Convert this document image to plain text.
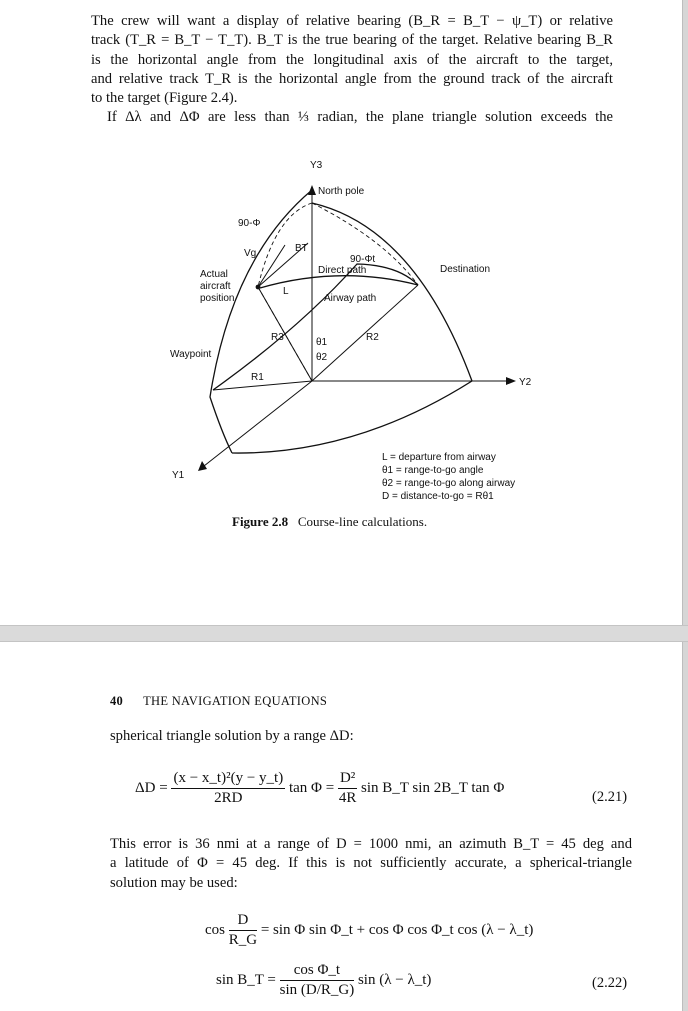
The crew will want a display of relative bearing (B_R = B_T − ψ_T) or relative
track (T_R = B_T − T_T). B_T is the true bearing of the target. Relative bearing B_R
is the horizontal angle from the longitudinal axis of the aircraft to the target,
and relative track T_R is the horizontal angle from the ground track of the aircraft
to the target (Figure 2.4).

If Δλ and ΔΦ are less than ⅓ radian, the plane triangle solution exceeds the

Y3
North pole
90-Φ
Vg	BT
90-Φt
Direct path	Destination
Actual
aircraft
position
L
Airway path
R3	R2
θ1
θ2
Waypoint
R1	Y2
Y1
L = departure from airway
θ1 = range-to-go angle
θ2 = range-to-go along airway
D = distance-to-go = Rθ1
Figure 2.8 Course-line calculations.
40 THE NAVIGATION EQUATIONS

spherical triangle solution by a range ΔD:

$\Delta D = \frac{\text{(x − x\_t)²(y − y\_t)}}{2RD}$ $\tan \Phi = \frac{\text{D²}}{4R}$ sin B_T sin 2B_T tan Φ
(2.21)

This error is 36 nmi at a range of D = 1000 nmi, an azimuth B_T = 45 deg and
a latitude of Φ = 45 deg. If this is not sufficiently accurate, a spherical-triangle
solution may be used:

$\cos \frac{D}{R\_G} = \sin \Phi$ sin Φ_t + cos Φ cos Φ_t cos (λ − λ_t)
sin B_T = $\frac{\text{cos Φ\_t}}{\sin (D/R\_G)}$ sin (λ − λ_t)	(2.22)
